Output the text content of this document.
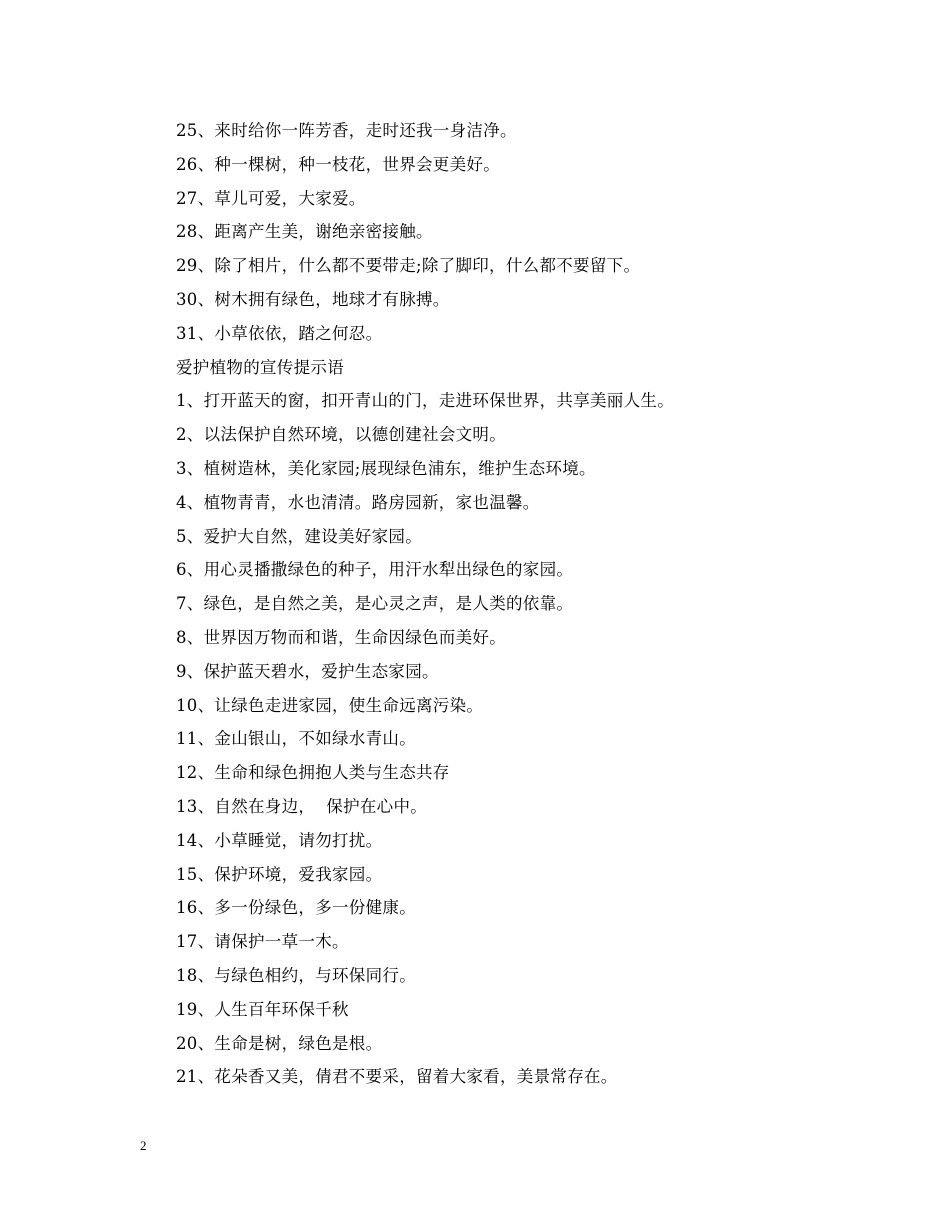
25、来时给你一阵芳香，走时还我一身洁净。
26、种一棵树，种一枝花，世界会更美好。
27、草儿可爱，大家爱。
28、距离产生美，谢绝亲密接触。
29、除了相片，什么都不要带走;除了脚印，什么都不要留下。
30、树木拥有绿色，地球才有脉搏。
31、小草依依，踏之何忍。
爱护植物的宣传提示语
1、打开蓝天的窗，扣开青山的门，走进环保世界，共享美丽人生。
2、以法保护自然环境，以德创建社会文明。
3、植树造林，美化家园;展现绿色浦东，维护生态环境。
4、植物青青，水也清清。路房园新，家也温馨。
5、爱护大自然，建设美好家园。
6、用心灵播撒绿色的种子，用汗水犁出绿色的家园。
7、绿色，是自然之美，是心灵之声，是人类的依靠。
8、世界因万物而和谐，生命因绿色而美好。
9、保护蓝天碧水，爱护生态家园。
10、让绿色走进家园，使生命远离污染。
11、金山银山，不如绿水青山。
12、生命和绿色拥抱人类与生态共存
13、自然在身边，  保护在心中。
14、小草睡觉，请勿打扰。
15、保护环境，爱我家园。
16、多一份绿色，多一份健康。
17、请保护一草一木。
18、与绿色相约，与环保同行。
19、人生百年环保千秋
20、生命是树，绿色是根。
21、花朵香又美，倩君不要采，留着大家看，美景常存在。
2
